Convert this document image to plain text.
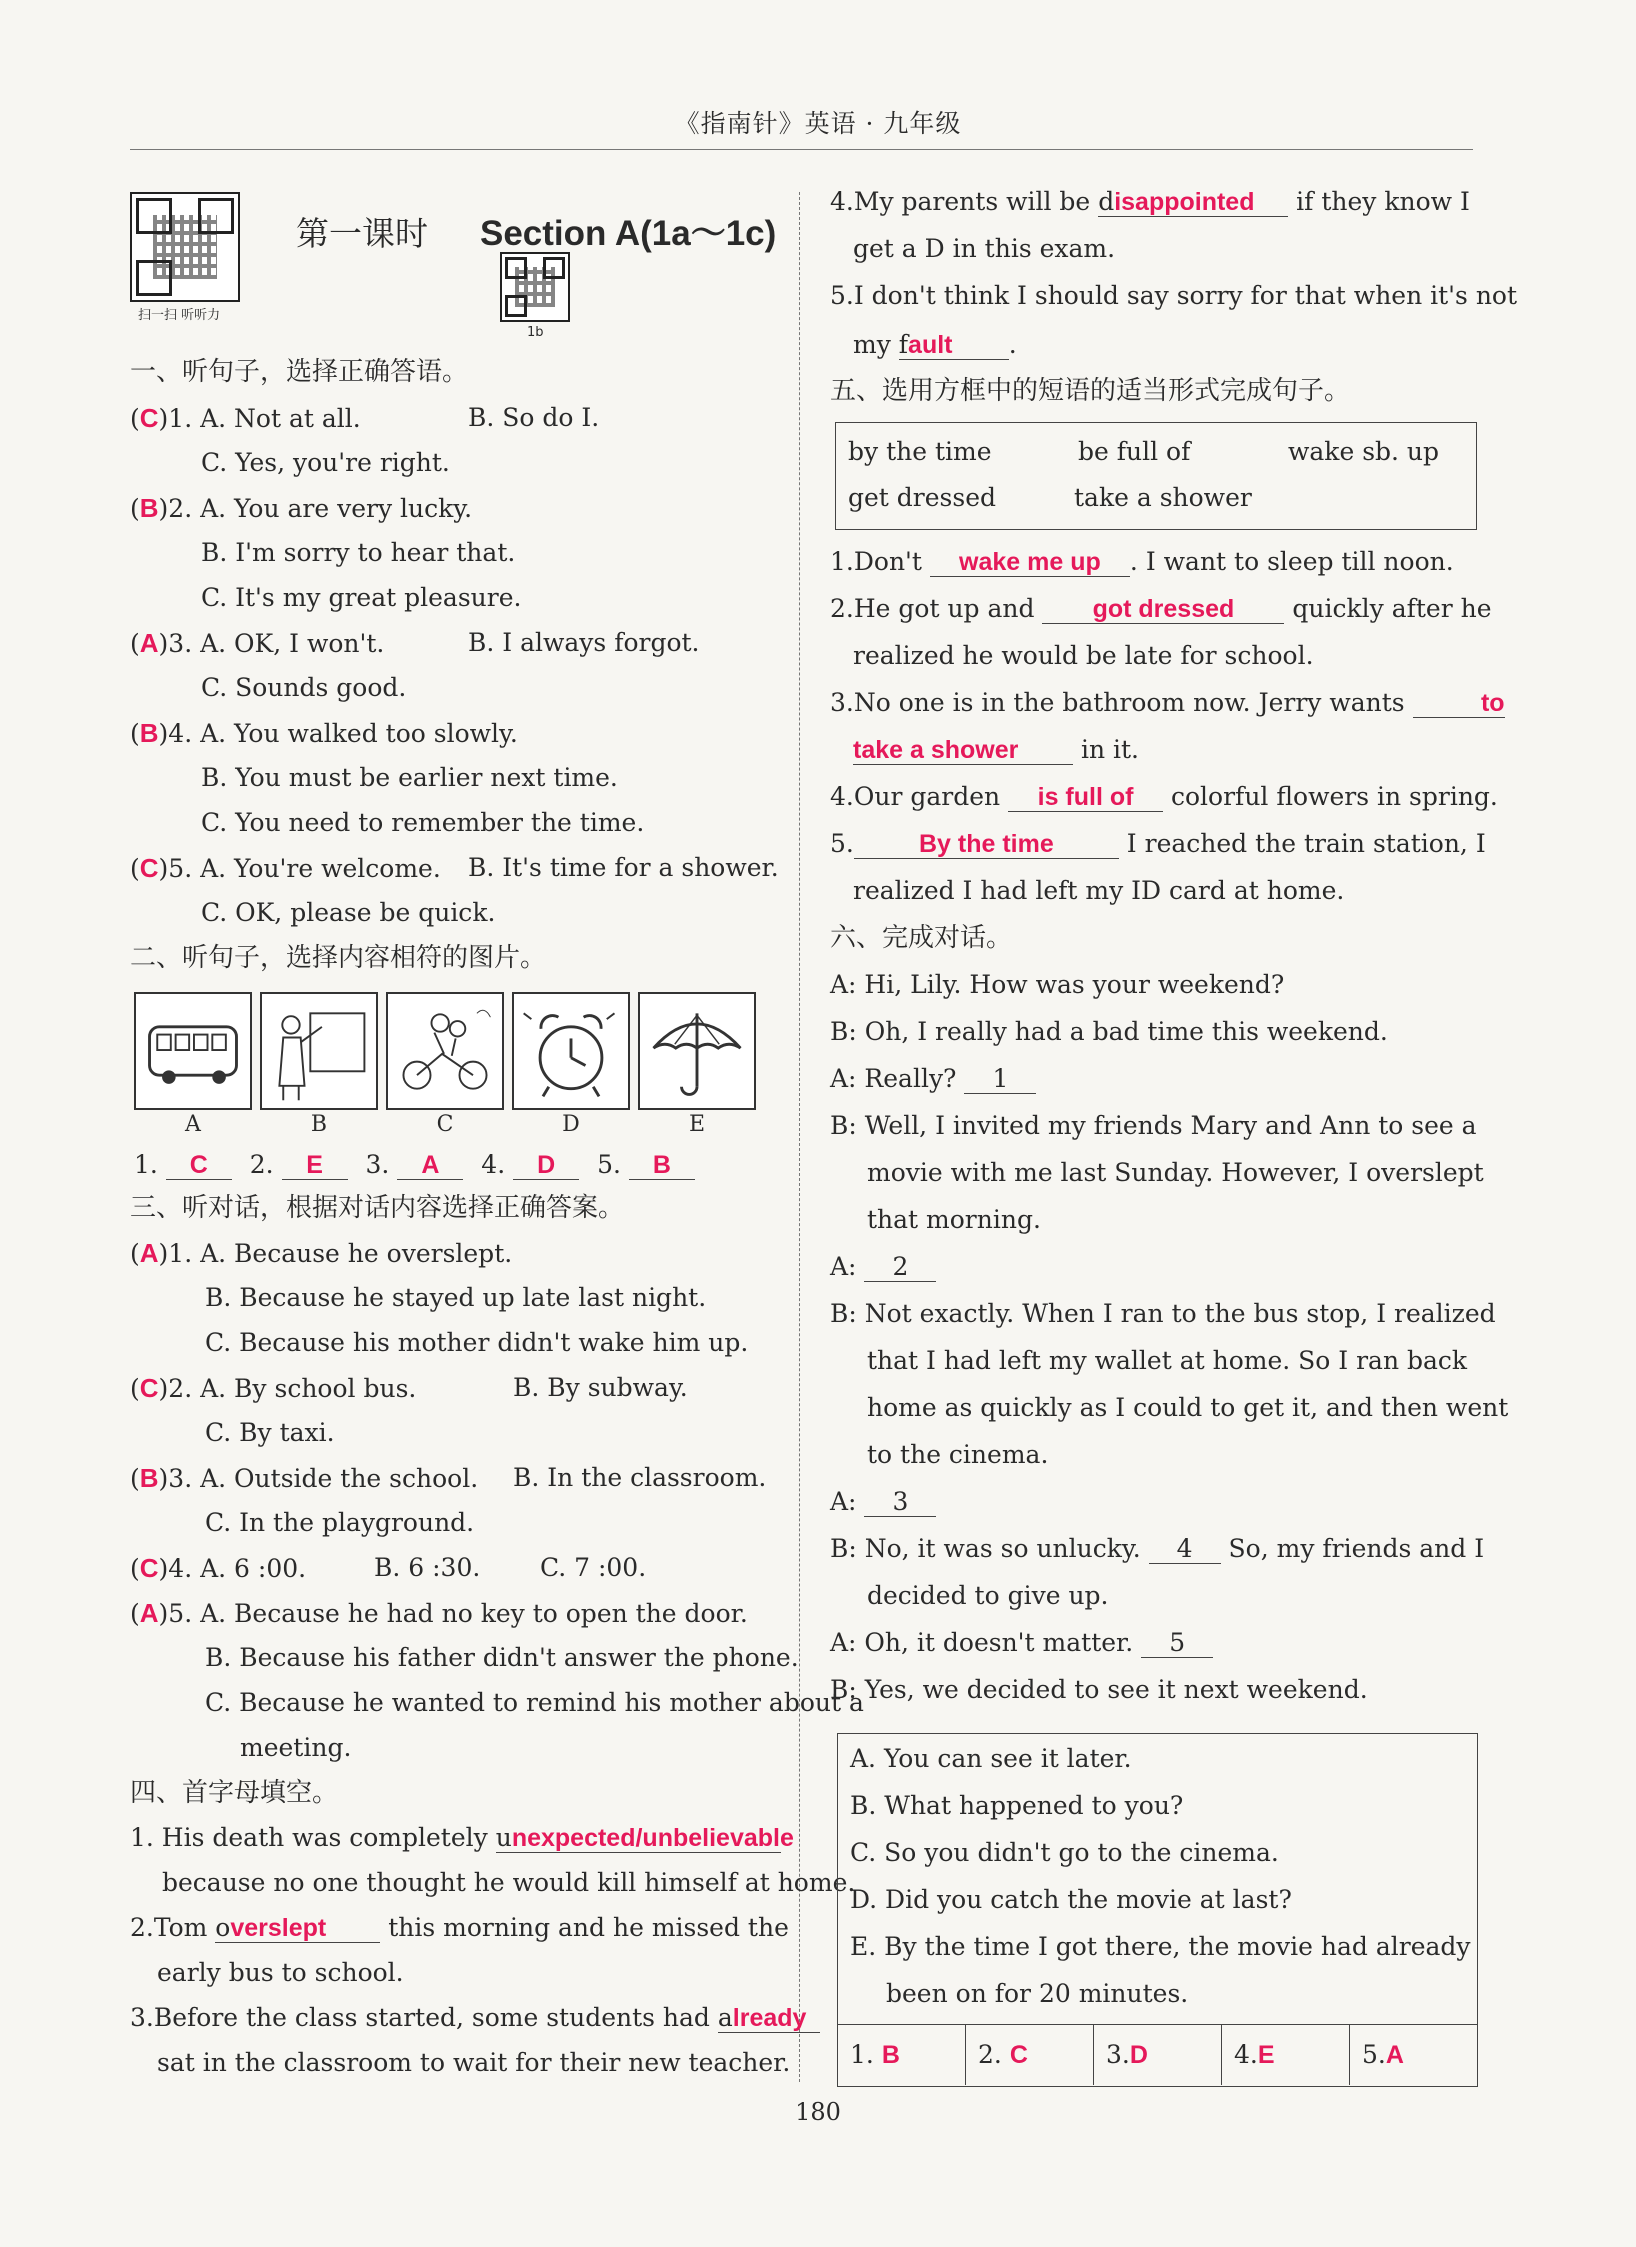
《指南针》英语 · 九年级
扫一扫 听听力
1b
第一课时 Section A(1a～1c)
一、听句子，选择正确答语。
(C)1. A. Not at all.	B. So do I.
C. Yes, you're right.
(B)2. A. You are very lucky.
B. I'm sorry to hear that.
C. It's my great pleasure.
(A)3. A. OK, I won't.	B. I always forgot.
C. Sounds good.
(B)4. A. You walked too slowly.
B. You must be earlier next time.
C. You need to remember the time.
(C)5. A. You're welcome. B. It's time for a shower.
C. OK, please be quick.
二、听句子，选择内容相符的图片。
A	B	C	D	E
1. C 2. E 3. A 4. D 5. B
三、听对话，根据对话内容选择正确答案。
(A)1. A. Because he overslept.
B. Because he stayed up late last night.
C. Because his mother didn't wake him up.
(C)2. A. By school bus.	B. By subway.
C. By taxi.
(B)3. A. Outside the school. B. In the classroom.
C. In the playground.
(C)4. A. 6 :00.	B. 6 :30. C. 7 :00.
(A)5. A. Because he had no key to open the door.
B. Because his father didn't answer the phone.
C. Because he wanted to remind his mother about a
meeting.
四、首字母填空。
1. His death was completely unexpected/unbelievable
because no one thought he would kill himself at home.
2.Tom overslept this morning and he missed the
early bus to school.
3.Before the class started, some students had already
sat in the classroom to wait for their new teacher.
4.My parents will be disappointed if they know I
get a D in this exam.
5.I don't think I should say sorry for that when it's not
my fault .
五、选用方框中的短语的适当形式完成句子。
by the time	be full of	wake sb. up
get dressed	take a shower
1.Don't wake me up . I want to sleep till noon.
2.He got up and got dressed quickly after he
realized he would be late for school.
3.No one is in the bathroom now. Jerry wants	to
take a shower in it.
4.Our garden is full of colorful flowers in spring.
5.	By the time	I reached the train station, I
realized I had left my ID card at home.
六、完成对话。
A: Hi, Lily. How was your weekend?
B: Oh, I really had a bad time this weekend.
A: Really? 1
B: Well, I invited my friends Mary and Ann to see a
movie with me last Sunday. However, I overslept
that morning.
A: 2
B: Not exactly. When I ran to the bus stop, I realized
that I had left my wallet at home. So I ran back
home as quickly as I could to get it, and then went
to the cinema.
A: 3
B: No, it was so unlucky. 4 So, my friends and I
decided to give up.
A: Oh, it doesn't matter. 5
B: Yes, we decided to see it next weekend.
A. You can see it later.
B. What happened to you?
C. So you didn't go to the cinema.
D. Did you catch the movie at last?
E. By the time I got there, the movie had already
been on for 20 minutes.
1. B	2. C	3.D	4.E	5.A
180
